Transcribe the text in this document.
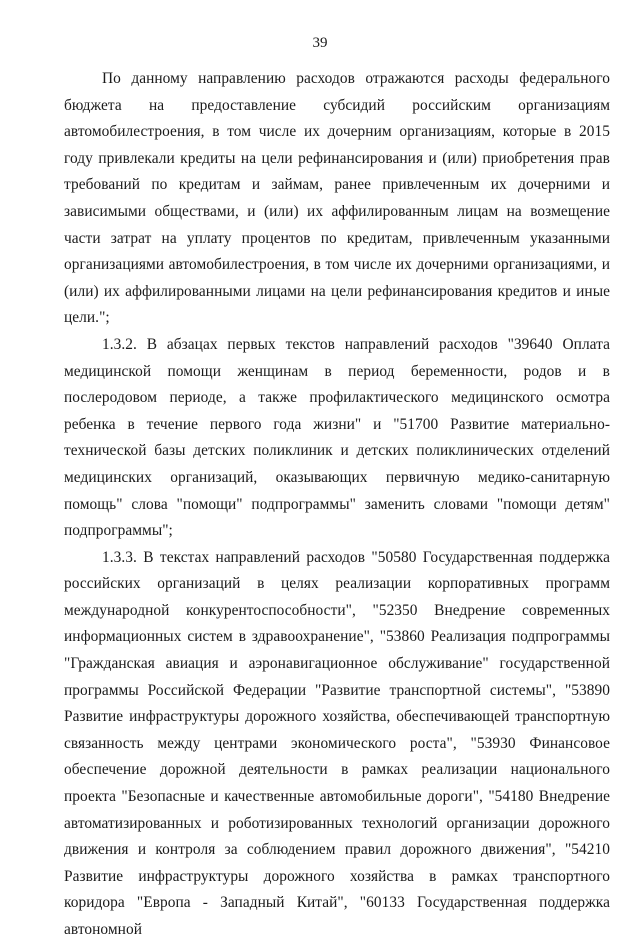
39

По данному направлению расходов отражаются расходы федерального бюджета на предоставление субсидий российским организациям автомобилестроения, в том числе их дочерним организациям, которые в 2015 году привлекали кредиты на цели рефинансирования и (или) приобретения прав требований по кредитам и займам, ранее привлеченным их дочерними и зависимыми обществами, и (или) их аффилированным лицам на возмещение части затрат на уплату процентов по кредитам, привлеченным указанными организациями автомобилестроения, в том числе их дочерними организациями, и (или) их аффилированными лицами на цели рефинансирования кредитов и иные цели.";

1.3.2. В абзацах первых текстов направлений расходов "39640 Оплата медицинской помощи женщинам в период беременности, родов и в послеродовом периоде, а также профилактического медицинского осмотра ребенка в течение первого года жизни" и "51700 Развитие материально-технической базы детских поликлиник и детских поликлинических отделений медицинских организаций, оказывающих первичную медико-санитарную помощь" слова "помощи" подпрограммы" заменить словами "помощи детям" подпрограммы";

1.3.3. В текстах направлений расходов "50580 Государственная поддержка российских организаций в целях реализации корпоративных программ международной конкурентоспособности", "52350 Внедрение современных информационных систем в здравоохранение", "53860 Реализация подпрограммы "Гражданская авиация и аэронавигационное обслуживание" государственной программы Российской Федерации "Развитие транспортной системы", "53890 Развитие инфраструктуры дорожного хозяйства, обеспечивающей транспортную связанность между центрами экономического роста", "53930 Финансовое обеспечение дорожной деятельности в рамках реализации национального проекта "Безопасные и качественные автомобильные дороги", "54180 Внедрение автоматизированных и роботизированных технологий организации дорожного движения и контроля за соблюдением правил дорожного движения", "54210 Развитие инфраструктуры дорожного хозяйства в рамках транспортного коридора "Европа - Западный Китай", "60133 Государственная поддержка автономной
